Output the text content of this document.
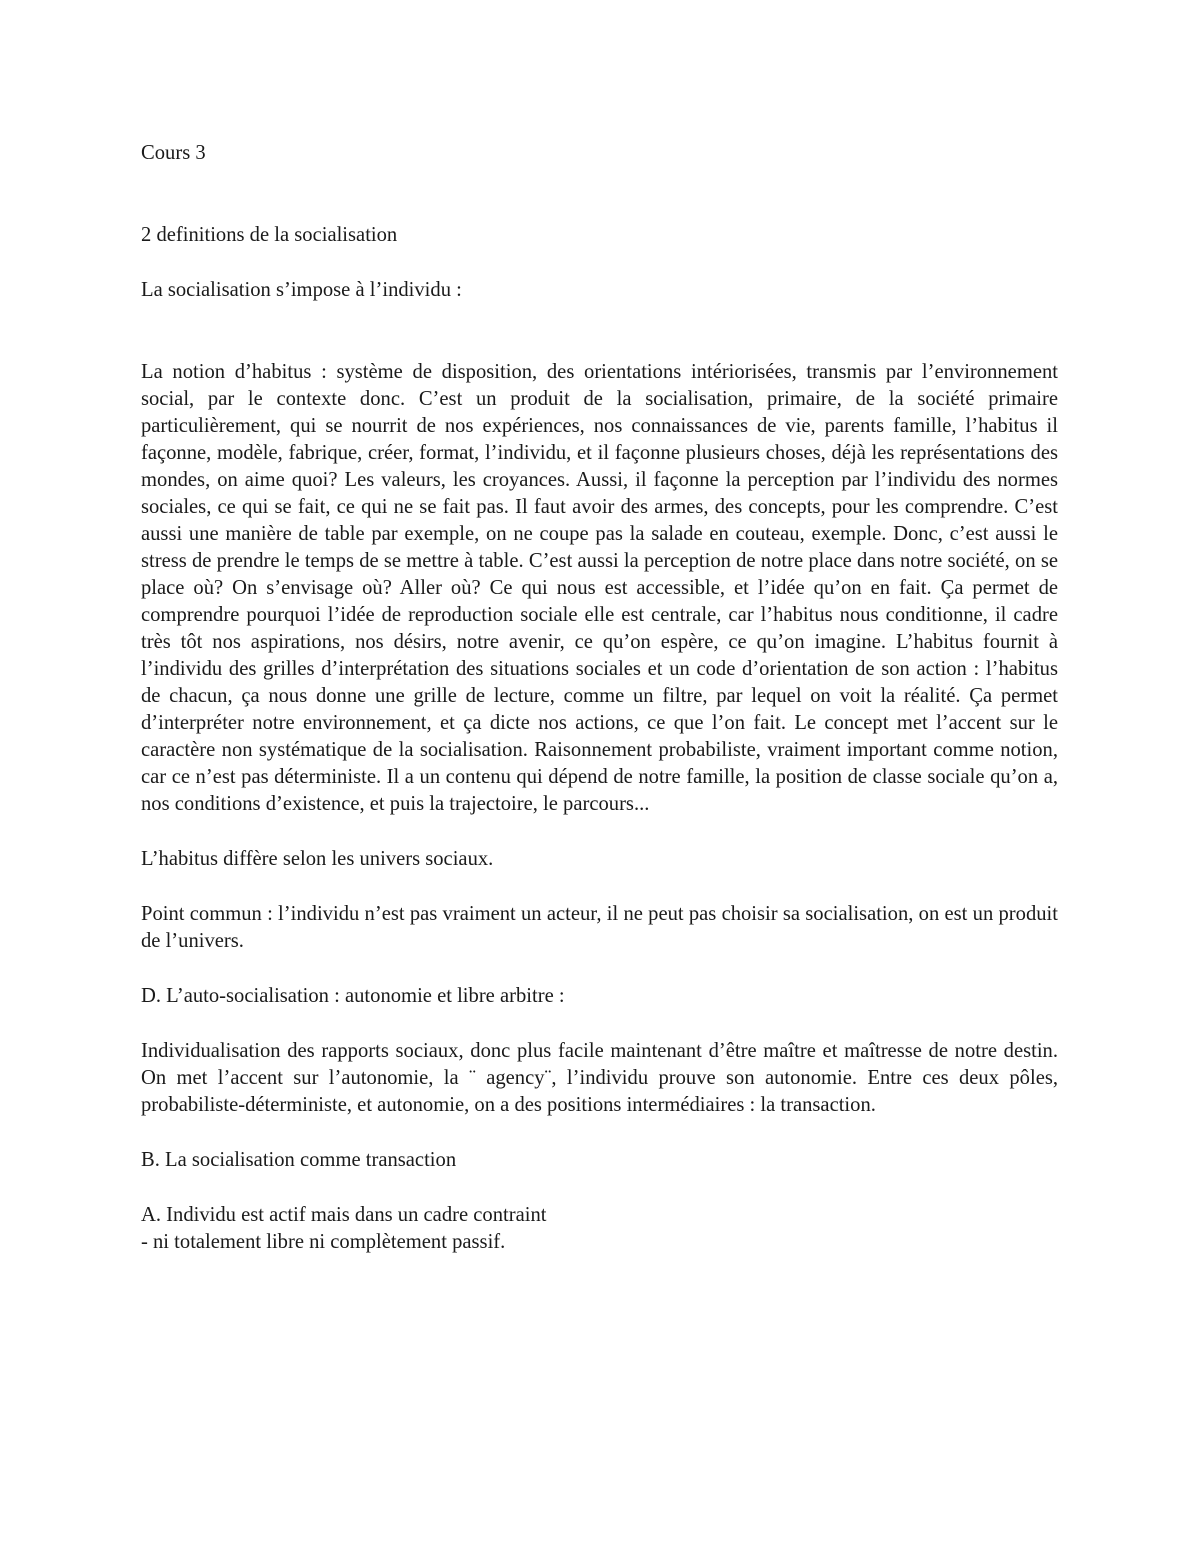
Cours 3

2 definitions de la socialisation

La socialisation s’impose à l’individu :

La notion d’habitus : système de disposition, des orientations intériorisées, transmis par l’environnement social, par le contexte donc. C’est un produit de la socialisation, primaire, de la société primaire particulièrement, qui se nourrit de nos expériences, nos connaissances de vie, parents famille, l’habitus il façonne, modèle, fabrique, créer, format, l’individu, et il façonne plusieurs choses, déjà les représentations des mondes, on aime quoi? Les valeurs, les croyances. Aussi, il façonne la perception par l’individu des normes sociales, ce qui se fait, ce qui ne se fait pas. Il faut avoir des armes, des concepts, pour les comprendre. C’est aussi une manière de table par exemple, on ne coupe pas la salade en couteau, exemple. Donc, c’est aussi le stress de prendre le temps de se mettre à table. C’est aussi la perception de notre place dans notre société, on se place où? On s’envisage où? Aller où? Ce qui nous est accessible, et l’idée qu’on en fait. Ça permet de comprendre pourquoi l’idée de reproduction sociale elle est centrale, car l’habitus nous conditionne, il cadre très tôt nos aspirations, nos désirs, notre avenir, ce qu’on espère, ce qu’on imagine. L’habitus fournit à l’individu des grilles d’interprétation des situations sociales et un code d’orientation de son action : l’habitus de chacun, ça nous donne une grille de lecture, comme un filtre, par lequel on voit la réalité. Ça permet d’interpréter notre environnement, et ça dicte nos actions, ce que l’on fait. Le concept met l’accent sur le caractère non systématique de la socialisation. Raisonnement probabiliste, vraiment important comme notion, car ce n’est pas déterministe. Il a un contenu qui dépend de notre famille, la position de classe sociale qu’on a, nos conditions d’existence, et puis la trajectoire, le parcours...

L’habitus diffère selon les univers sociaux.

Point commun : l’individu n’est pas vraiment un acteur, il ne peut pas choisir sa socialisation, on est un produit de l’univers.

D. L’auto-socialisation : autonomie et libre arbitre :

Individualisation des rapports sociaux, donc plus facile maintenant d’être maître et maîtresse de notre destin. On met l’accent sur l’autonomie, la ¨ agency¨, l’individu prouve son autonomie. Entre ces deux pôles, probabiliste-déterministe, et autonomie, on a des positions intermédiaires : la transaction.

B. La socialisation comme transaction

A. Individu est actif mais dans un cadre contraint

- ni totalement libre ni complètement passif.
